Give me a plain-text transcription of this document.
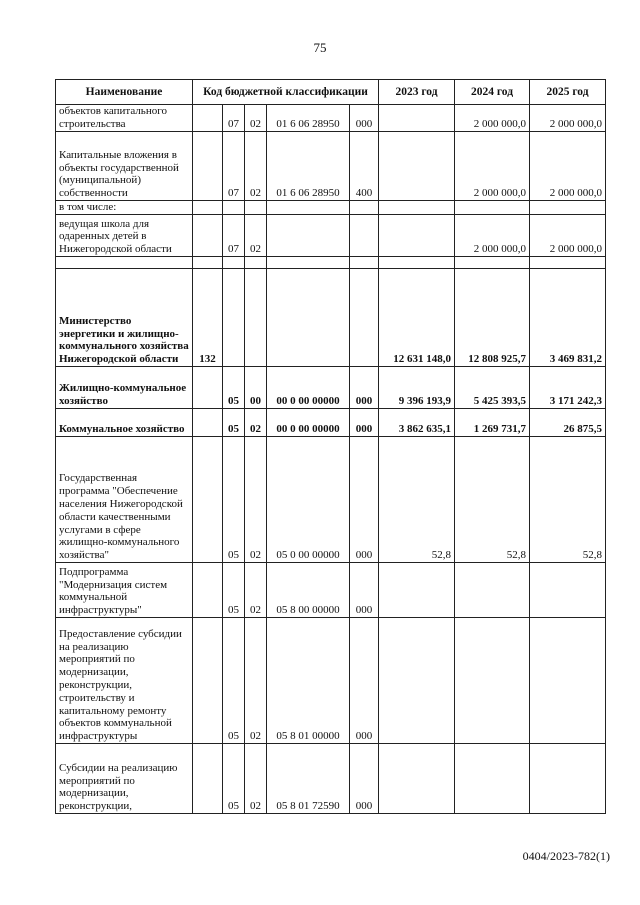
75
Наименование	Код бюджетной классификации					2023 год	2024 год	2025 год
объектов капитального строительства		07	02	01 6 06 28950	000		2 000 000,0	2 000 000,0
Капитальные вложения в объекты государственной (муниципальной) собственности		07	02	01 6 06 28950	400		2 000 000,0	2 000 000,0
в том числе:								
ведущая школа для одаренных детей в Нижегородской области		07	02				2 000 000,0	2 000 000,0

Министерство энергетики и жилищно-коммунального хозяйства Нижегородской области	132					12 631 148,0	12 808 925,7	3 469 831,2
Жилищно-коммунальное хозяйство		05	00	00 0 00 00000	000	9 396 193,9	5 425 393,5	3 171 242,3
Коммунальное хозяйство		05	02	00 0 00 00000	000	3 862 635,1	1 269 731,7	26 875,5
Государственная программа "Обеспечение населения Нижегородской области качественными услугами в сфере жилищно-коммунального хозяйства"		05	02	05 0 00 00000	000	52,8	52,8	52,8
Подпрограмма "Модернизация систем коммунальной инфраструктуры"		05	02	05 8 00 00000	000			
Предоставление субсидии на реализацию мероприятий по модернизации, реконструкции, строительству и капитальному ремонту объектов коммунальной инфраструктуры		05	02	05 8 01 00000	000			
Субсидии на реализацию мероприятий по модернизации, реконструкции,		05	02	05 8 01 72590	000			
0404/2023-782(1)
